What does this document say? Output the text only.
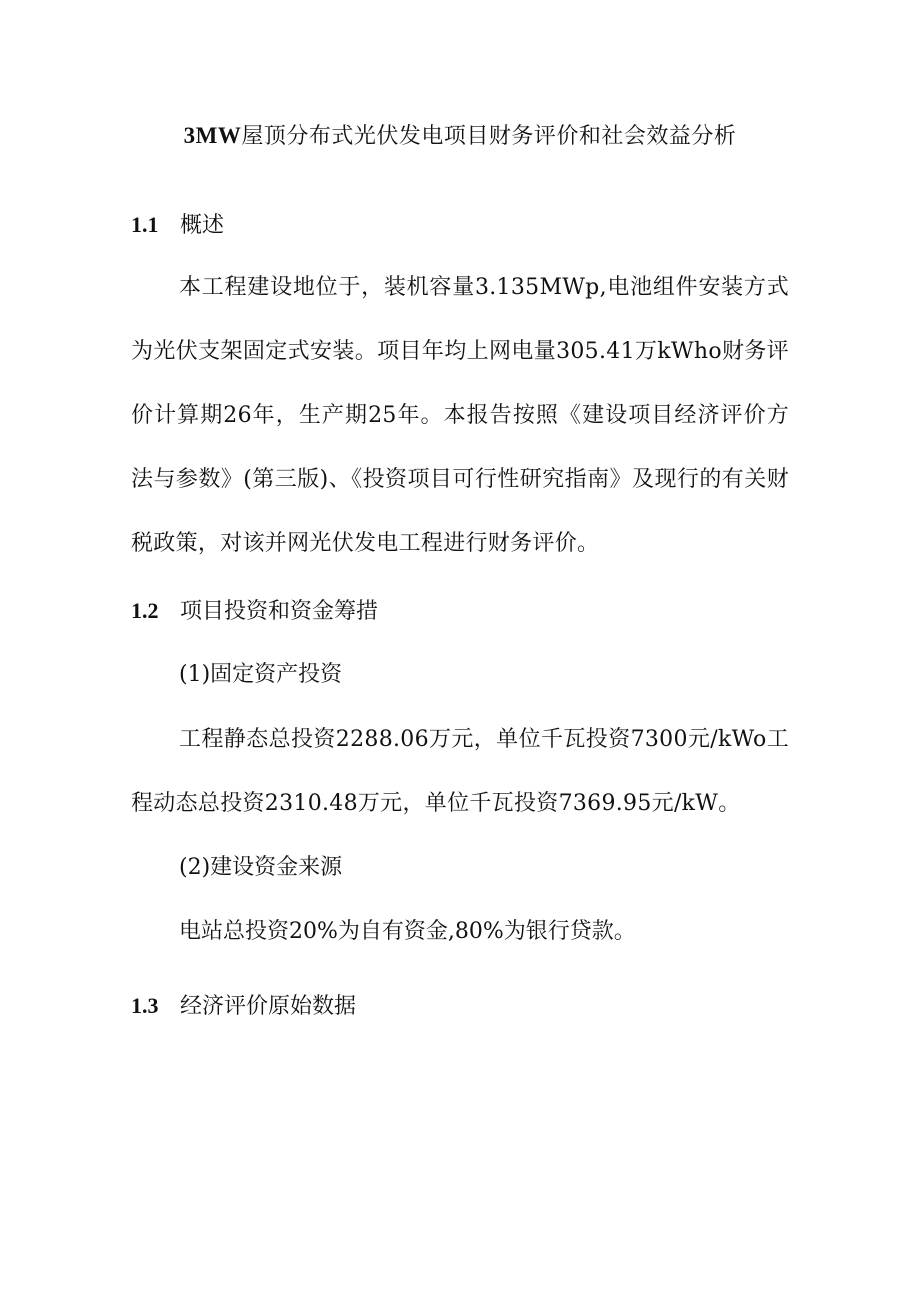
3MW屋顶分布式光伏发电项目财务评价和社会效益分析
1.1 概述
本工程建设地位于，装机容量3.135MWp,电池组件安装方式为光伏支架固定式安装。项目年均上网电量305.41万kWho财务评价计算期26年，生产期25年。本报告按照《建设项目经济评价方法与参数》(第三版)、《投资项目可行性研究指南》及现行的有关财税政策，对该并网光伏发电工程进行财务评价。
1.2 项目投资和资金筹措
(1)固定资产投资
工程静态总投资2288.06万元，单位千瓦投资7300元/kWo工程动态总投资2310.48万元，单位千瓦投资7369.95元/kW。
(2)建设资金来源
电站总投资20%为自有资金,80%为银行贷款。
1.3 经济评价原始数据
